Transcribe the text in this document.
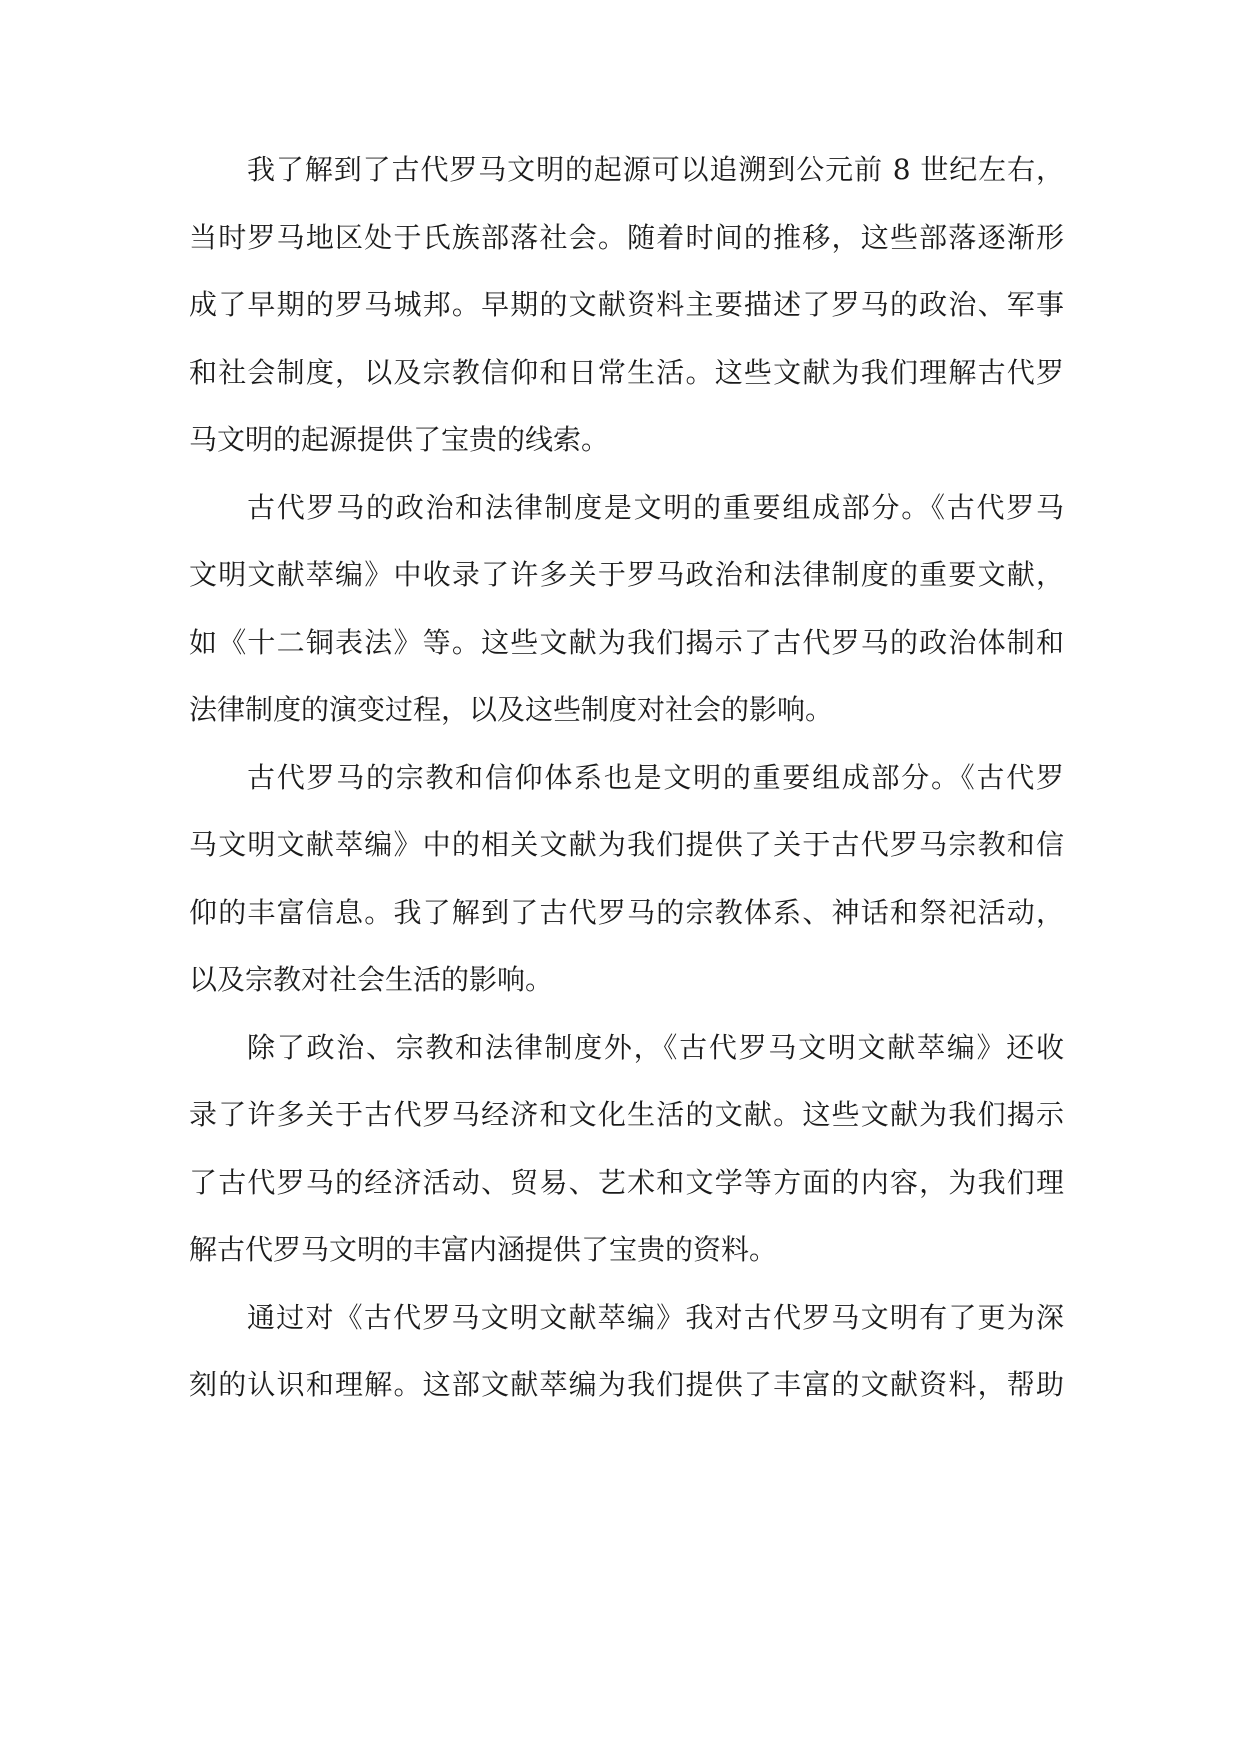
我了解到了古代罗马文明的起源可以追溯到公元前 8 世纪左右，
当时罗马地区处于氏族部落社会。随着时间的推移，这些部落逐渐形
成了早期的罗马城邦。早期的文献资料主要描述了罗马的政治、军事
和社会制度，以及宗教信仰和日常生活。这些文献为我们理解古代罗
马文明的起源提供了宝贵的线索。

古代罗马的政治和法律制度是文明的重要组成部分。《古代罗马
文明文献萃编》中收录了许多关于罗马政治和法律制度的重要文献，
如《十二铜表法》等。这些文献为我们揭示了古代罗马的政治体制和
法律制度的演变过程，以及这些制度对社会的影响。

古代罗马的宗教和信仰体系也是文明的重要组成部分。《古代罗
马文明文献萃编》中的相关文献为我们提供了关于古代罗马宗教和信
仰的丰富信息。我了解到了古代罗马的宗教体系、神话和祭祀活动，
以及宗教对社会生活的影响。

除了政治、宗教和法律制度外，《古代罗马文明文献萃编》还收
录了许多关于古代罗马经济和文化生活的文献。这些文献为我们揭示
了古代罗马的经济活动、贸易、艺术和文学等方面的内容，为我们理
解古代罗马文明的丰富内涵提供了宝贵的资料。

通过对《古代罗马文明文献萃编》我对古代罗马文明有了更为深
刻的认识和理解。这部文献萃编为我们提供了丰富的文献资料，帮助
